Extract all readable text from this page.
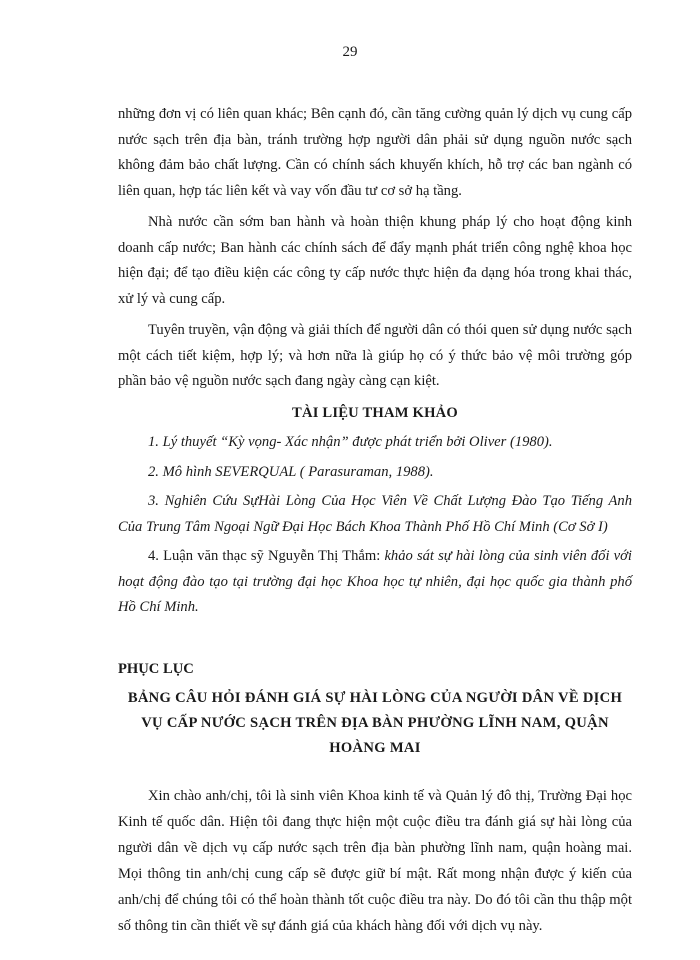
29

những đơn vị có liên quan khác; Bên cạnh đó, cần tăng cường quản lý dịch vụ cung cấp nước sạch trên địa bàn, tránh trường hợp người dân phải sử dụng nguồn nước sạch không đảm bảo chất lượng. Cần có chính sách khuyến khích, hỗ trợ các ban ngành có liên quan, hợp tác liên kết và vay vốn đầu tư cơ sở hạ tầng.

Nhà nước cần sớm ban hành và hoàn thiện khung pháp lý cho hoạt động kinh doanh cấp nước; Ban hành các chính sách để đẩy mạnh phát triển công nghệ khoa học hiện đại; để tạo điều kiện các công ty cấp nước thực hiện đa dạng hóa trong khai thác, xử lý và cung cấp.

Tuyên truyền, vận động và giải thích để người dân có thói quen sử dụng nước sạch một cách tiết kiệm, hợp lý; và hơn nữa là giúp họ có ý thức bảo vệ môi trường góp phần bảo vệ nguồn nước sạch đang ngày càng cạn kiệt.

TÀI LIỆU THAM KHẢO
1. Lý thuyết “Kỳ vọng- Xác nhận” được phát triển bởi Oliver (1980).
2. Mô hình SEVERQUAL ( Parasuraman, 1988).
3. Nghiên Cứu SựHài Lòng Của Học Viên Về Chất Lượng Đào Tạo Tiếng Anh Của Trung Tâm Ngoại Ngữ Đại Học Bách Khoa Thành Phố Hồ Chí Minh (Cơ Sở I)
4. Luận văn thạc sỹ Nguyễn Thị Thắm: khảo sát sự hài lòng của sinh viên đối với hoạt động đào tạo tại trường đại học Khoa học tự nhiên, đại học quốc gia thành phố Hồ Chí Minh.
PHỤC LỤC
BẢNG CÂU HỎI ĐÁNH GIÁ SỰ HÀI LÒNG CỦA NGƯỜI DÂN VỀ DỊCH VỤ CẤP NƯỚC SẠCH TRÊN ĐỊA BÀN PHƯỜNG LĨNH NAM, QUẬN HOÀNG MAI

Xin chào anh/chị, tôi là sinh viên Khoa kinh tế và Quản lý đô thị, Trường Đại học Kinh tế quốc dân. Hiện tôi đang thực hiện một cuộc điều tra đánh giá sự hài lòng của người dân về dịch vụ cấp nước sạch trên địa bàn phường lĩnh nam, quận hoàng mai. Mọi thông tin anh/chị cung cấp sẽ được giữ bí mật. Rất mong nhận được ý kiến của anh/chị để chúng tôi có thể hoàn thành tốt cuộc điều tra này. Do đó tôi cần thu thập một số thông tin cần thiết về sự đánh giá của khách hàng đối với dịch vụ này.
